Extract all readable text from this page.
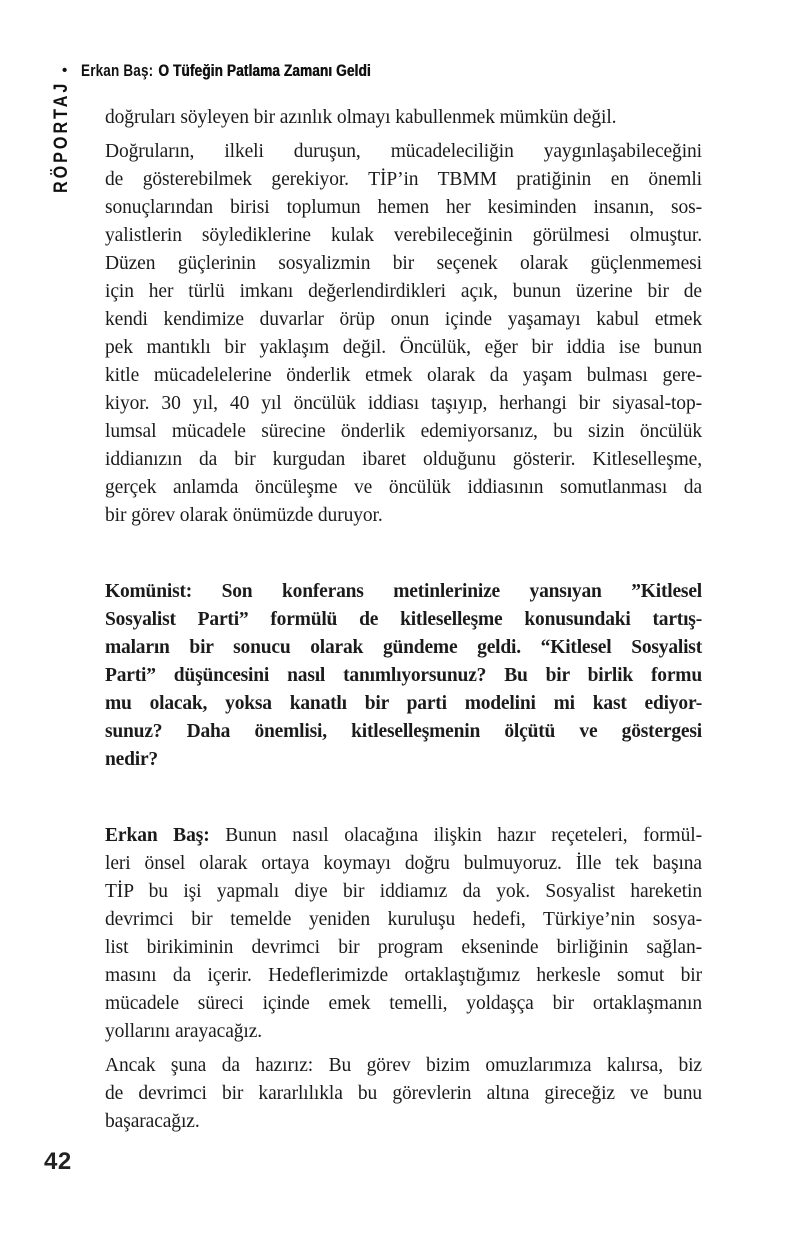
• Erkan Baş: O Tüfeğin Patlama Zamanı Geldi
RÖPORTAJ doğruları söyleyen bir azınlık olmayı kabullenmek mümkün değil.
Doğruların, ilkeli duruşun, mücadeleciliğin yaygınlaşabileceğini
de gösterebilmek gerekiyor. TİP’in TBMM pratiğinin en önemli
sonuçlarından birisi toplumun hemen her kesiminden insanın, sos-
yalistlerin söylediklerine kulak verebileceğinin görülmesi olmuştur.
Düzen güçlerinin sosyalizmin bir seçenek olarak güçlenmemesi
için her türlü imkanı değerlendirdikleri açık, bunun üzerine bir de
kendi kendimize duvarlar örüp onun içinde yaşamayı kabul etmek
pek mantıklı bir yaklaşım değil. Öncülük, eğer bir iddia ise bunun
kitle mücadelelerine önderlik etmek olarak da yaşam bulması gere-
kiyor. 30 yıl, 40 yıl öncülük iddiası taşıyıp, herhangi bir siyasal-top-
lumsal mücadele sürecine önderlik edemiyorsanız, bu sizin öncülük
iddianızın da bir kurgudan ibaret olduğunu gösterir. Kitleselleşme,
gerçek anlamda öncüleşme ve öncülük iddiasının somutlanması da
bir görev olarak önümüzde duruyor.
Komünist: Son konferans metinlerinize yansıyan ”Kitlesel
Sosyalist Parti” formülü de kitleselleşme konusundaki tartış-
maların bir sonucu olarak gündeme geldi. “Kitlesel Sosyalist
Parti” düşüncesini nasıl tanımlıyorsunuz? Bu bir birlik formu
mu olacak, yoksa kanatlı bir parti modelini mi kast ediyor-
sunuz? Daha önemlisi, kitleselleşmenin ölçütü ve göstergesi
nedir?
Erkan Baş: Bunun nasıl olacağına ilişkin hazır reçeteleri, formül-
leri önsel olarak ortaya koymayı doğru bulmuyoruz. İlle tek başına
TİP bu işi yapmalı diye bir iddiamız da yok. Sosyalist hareketin
devrimci bir temelde yeniden kuruluşu hedefi, Türkiye’nin sosya-
list birikiminin devrimci bir program ekseninde birliğinin sağlan-
masını da içerir. Hedeflerimizde ortaklaştığımız herkesle somut bir
mücadele süreci içinde emek temelli, yoldaşça bir ortaklaşmanın
yollarını arayacağız.
Ancak şuna da hazırız: Bu görev bizim omuzlarımıza kalırsa, biz
de devrimci bir kararlılıkla bu görevlerin altına gireceğiz ve bunu
başaracağız.
42
